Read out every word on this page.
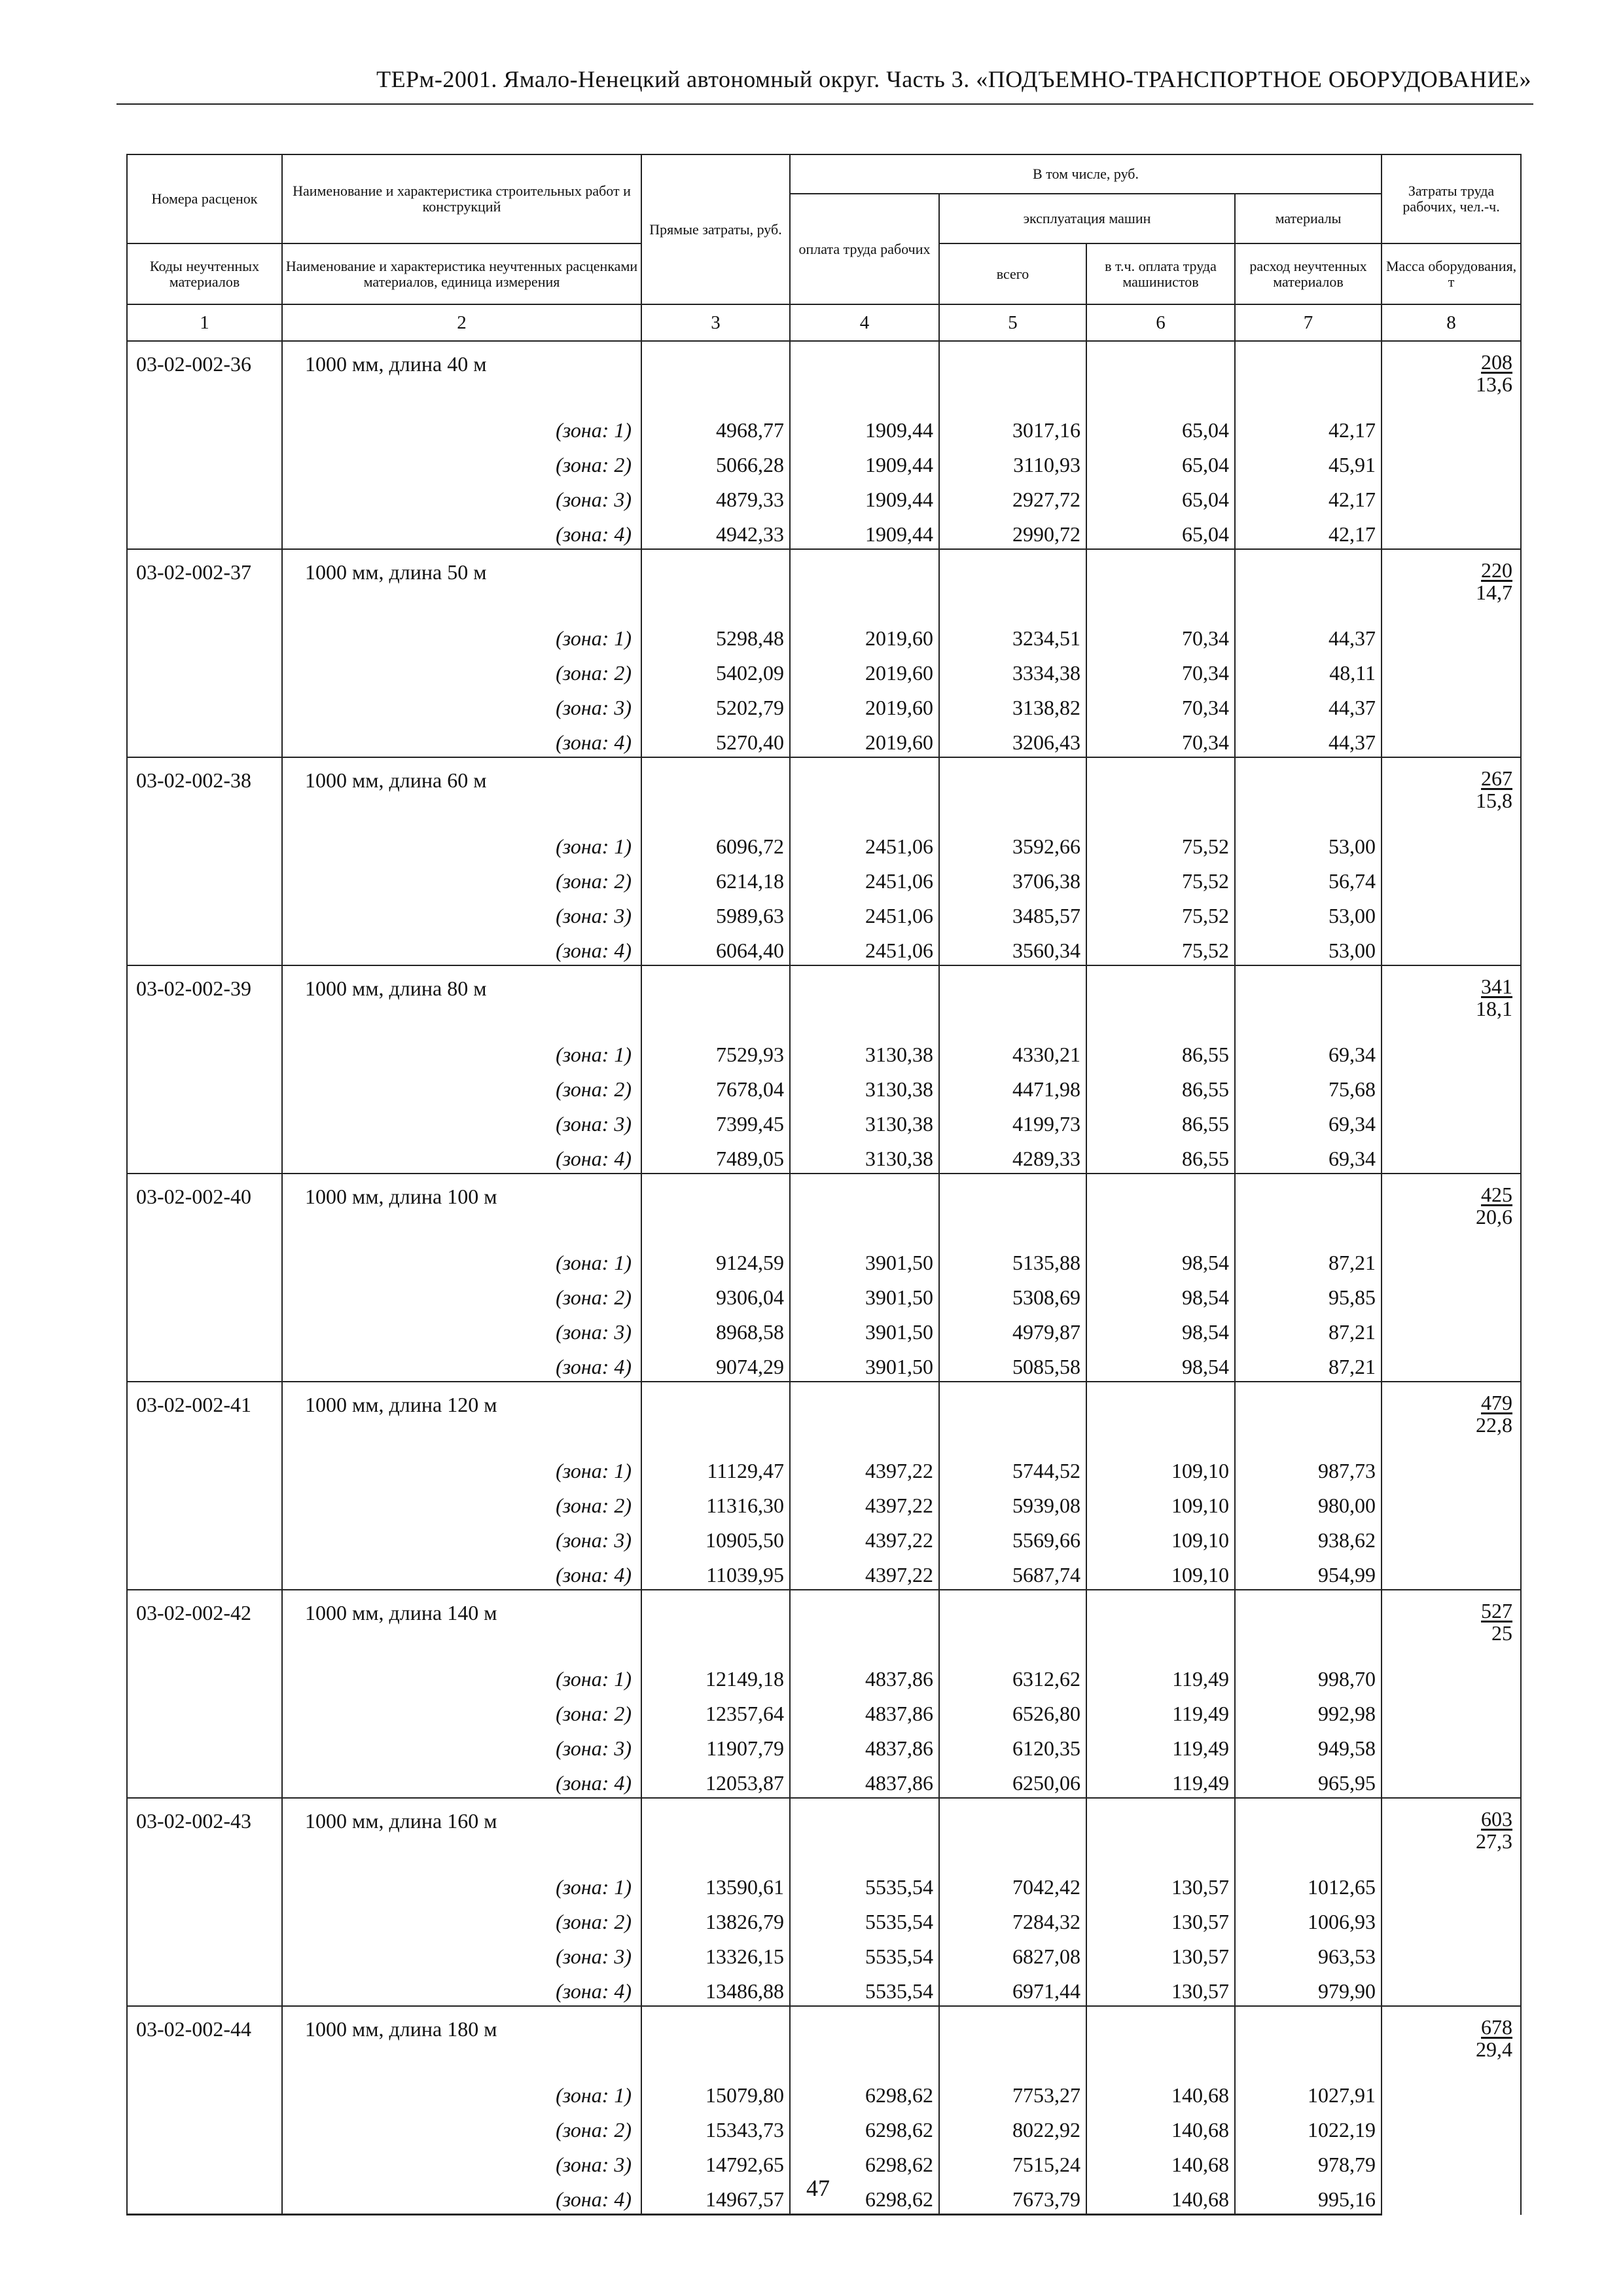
ТЕРм-2001. Ямало-Ненецкий автономный округ. Часть 3. «ПОДЪЕМНО-ТРАНСПОРТНОЕ ОБОРУДОВАНИЕ»
Номера расценок	Наименование и характеристика строительных работ и конструкций	Прямые затраты, руб.	В том числе, руб.				Затраты труда рабочих, чел.-ч.
			оплата труда рабочих	эксплуатация машин		материалы	
Коды неучтенных материалов	Наименование и характеристика неучтенных расценками материалов, единица измерения			всего	в т.ч. оплата труда машинистов	расход неучтенных материалов	Масса оборудования, т
1	2	3	4	5	6	7	8
03-02-002-36	1000 мм, длина 40 м						$\frac{208}{13,6}$

	(зона: 1)	4968,77	1909,44	3017,16	65,04	42,17	
	(зона: 2)	5066,28	1909,44	3110,93	65,04	45,91	
	(зона: 3)	4879,33	1909,44	2927,72	65,04	42,17	
	(зона: 4)	4942,33	1909,44	2990,72	65,04	42,17	
03-02-002-37	1000 мм, длина 50 м						$\frac{220}{14,7}$

	(зона: 1)	5298,48	2019,60	3234,51	70,34	44,37	
	(зона: 2)	5402,09	2019,60	3334,38	70,34	48,11	
	(зона: 3)	5202,79	2019,60	3138,82	70,34	44,37	
	(зона: 4)	5270,40	2019,60	3206,43	70,34	44,37	
03-02-002-38	1000 мм, длина 60 м						$\frac{267}{15,8}$

	(зона: 1)	6096,72	2451,06	3592,66	75,52	53,00	
	(зона: 2)	6214,18	2451,06	3706,38	75,52	56,74	
	(зона: 3)	5989,63	2451,06	3485,57	75,52	53,00	
	(зона: 4)	6064,40	2451,06	3560,34	75,52	53,00	
03-02-002-39	1000 мм, длина 80 м						$\frac{341}{18,1}$

	(зона: 1)	7529,93	3130,38	4330,21	86,55	69,34	
	(зона: 2)	7678,04	3130,38	4471,98	86,55	75,68	
	(зона: 3)	7399,45	3130,38	4199,73	86,55	69,34	
	(зона: 4)	7489,05	3130,38	4289,33	86,55	69,34	
03-02-002-40	1000 мм, длина 100 м						$\frac{425}{20,6}$

	(зона: 1)	9124,59	3901,50	5135,88	98,54	87,21	
	(зона: 2)	9306,04	3901,50	5308,69	98,54	95,85	
	(зона: 3)	8968,58	3901,50	4979,87	98,54	87,21	
	(зона: 4)	9074,29	3901,50	5085,58	98,54	87,21	
03-02-002-41	1000 мм, длина 120 м						$\frac{479}{22,8}$

	(зона: 1)	11129,47	4397,22	5744,52	109,10	987,73	
	(зона: 2)	11316,30	4397,22	5939,08	109,10	980,00	
	(зона: 3)	10905,50	4397,22	5569,66	109,10	938,62	
	(зона: 4)	11039,95	4397,22	5687,74	109,10	954,99	
03-02-002-42	1000 мм, длина 140 м						$\frac{527}{25}$

	(зона: 1)	12149,18	4837,86	6312,62	119,49	998,70	
	(зона: 2)	12357,64	4837,86	6526,80	119,49	992,98	
	(зона: 3)	11907,79	4837,86	6120,35	119,49	949,58	
	(зона: 4)	12053,87	4837,86	6250,06	119,49	965,95	
03-02-002-43	1000 мм, длина 160 м						$\frac{603}{27,3}$

	(зона: 1)	13590,61	5535,54	7042,42	130,57	1012,65	
	(зона: 2)	13826,79	5535,54	7284,32	130,57	1006,93	
	(зона: 3)	13326,15	5535,54	6827,08	130,57	963,53	
	(зона: 4)	13486,88	5535,54	6971,44	130,57	979,90	
03-02-002-44	1000 мм, длина 180 м						$\frac{678}{29,4}$

	(зона: 1)	15079,80	6298,62	7753,27	140,68	1027,91	
	(зона: 2)	15343,73	6298,62	8022,92	140,68	1022,19	
	(зона: 3)	14792,65	6298,62	7515,24	140,68	978,79	
	(зона: 4)	14967,57	6298,62	7673,79	140,68	995,16	
47
